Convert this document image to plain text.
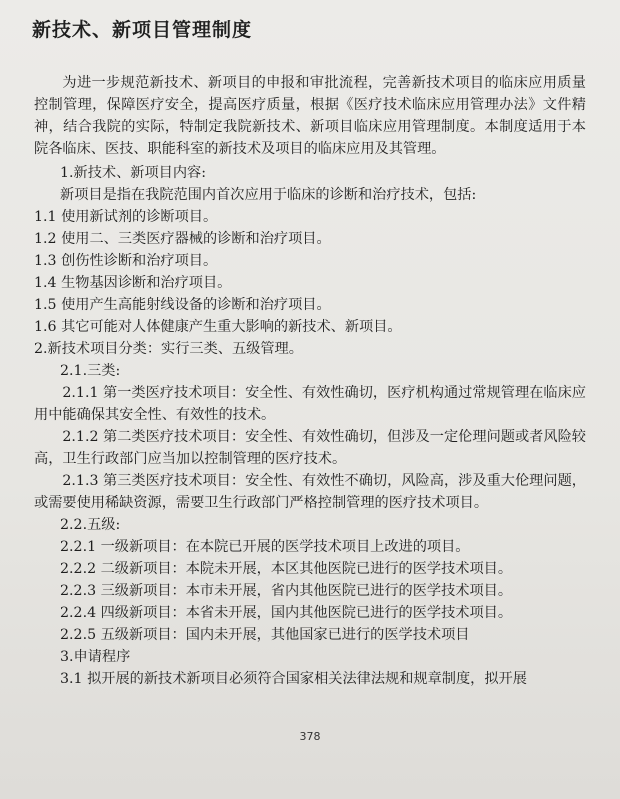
新技术、新项目管理制度

为进一步规范新技术、新项目的申报和审批流程，完善新技术项目的临床应用质量控制管理，保障医疗安全，提高医疗质量，根据《医疗技术临床应用管理办法》文件精神，结合我院的实际，特制定我院新技术、新项目临床应用管理制度。本制度适用于本院各临床、医技、职能科室的新技术及项目的临床应用及其管理。

1.新技术、新项目内容:

新项目是指在我院范围内首次应用于临床的诊断和治疗技术，包括:

1.1 使用新试剂的诊断项目。

1.2 使用二、三类医疗器械的诊断和治疗项目。

1.3 创伤性诊断和治疗项目。

1.4 生物基因诊断和治疗项目。

1.5 使用产生高能射线设备的诊断和治疗项目。

1.6 其它可能对人体健康产生重大影响的新技术、新项目。

2.新技术项目分类：实行三类、五级管理。

2.1.三类:

2.1.1 第一类医疗技术项目：安全性、有效性确切，医疗机构通过常规管理在临床应用中能确保其安全性、有效性的技术。

2.1.2 第二类医疗技术项目：安全性、有效性确切，但涉及一定伦理问题或者风险较高，卫生行政部门应当加以控制管理的医疗技术。

2.1.3 第三类医疗技术项目：安全性、有效性不确切，风险高，涉及重大伦理问题，或需要使用稀缺资源，需要卫生行政部门严格控制管理的医疗技术项目。

2.2.五级:

2.2.1 一级新项目：在本院已开展的医学技术项目上改进的项目。

2.2.2 二级新项目：本院未开展，本区其他医院已进行的医学技术项目。

2.2.3 三级新项目：本市未开展，省内其他医院已进行的医学技术项目。

2.2.4 四级新项目：本省未开展，国内其他医院已进行的医学技术项目。

2.2.5 五级新项目：国内未开展，其他国家已进行的医学技术项目

3.申请程序

3.1 拟开展的新技术新项目必须符合国家相关法律法规和规章制度，拟开展

378
